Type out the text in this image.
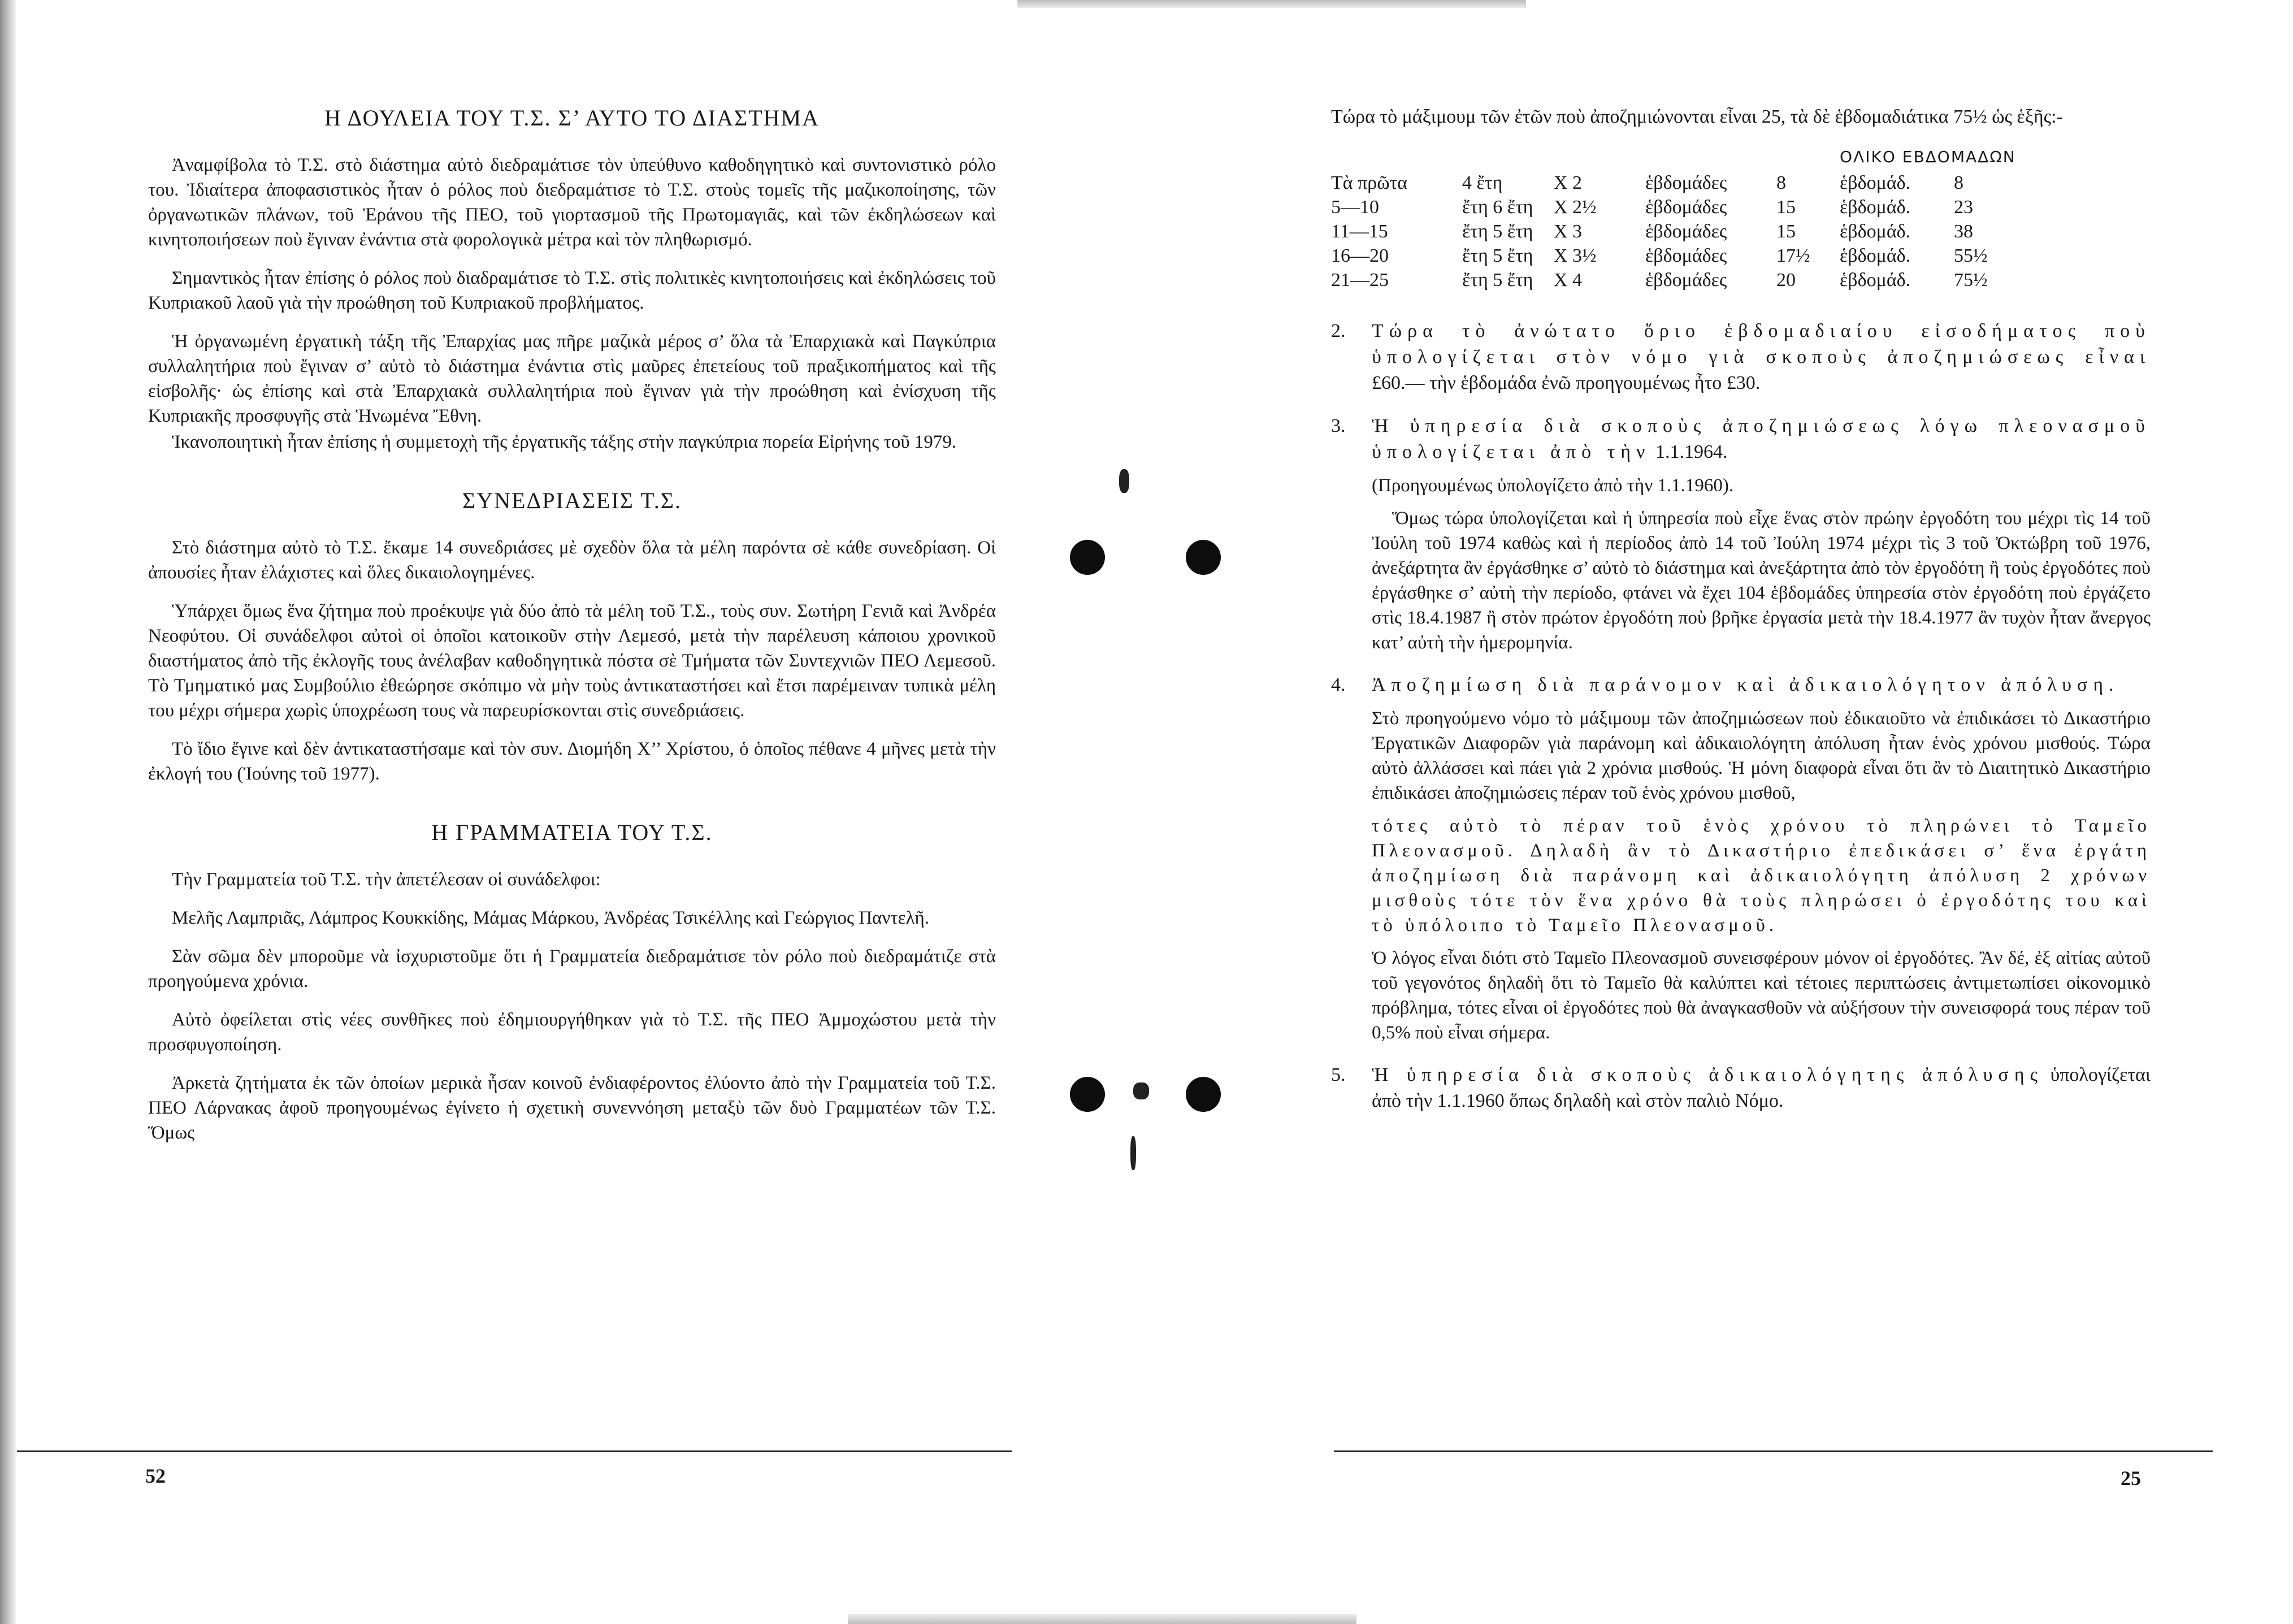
Η ΔΟΥΛΕΙΑ ΤΟΥ Τ.Σ. Σ’ ΑΥΤΟ ΤΟ ΔΙΑΣΤΗΜΑ

Ἀναμφίβολα τὸ Τ.Σ. στὸ διάστημα αὐτὸ διεδραμάτισε τὸν ὑπεύθυνο καθοδηγητικὸ καὶ συντονιστικὸ ρόλο του. Ἰδιαίτερα ἀποφασιστικὸς ἦταν ὁ ρόλος ποὺ διεδραμάτισε τὸ Τ.Σ. στοὺς τομεῖς τῆς μαζικοποίησης, τῶν ὀργανωτικῶν πλάνων, τοῦ Ἐράνου τῆς ΠΕΟ, τοῦ γιορτασμοῦ τῆς Πρωτομαγιᾶς, καὶ τῶν ἐκδηλώσεων καὶ κινητοποιήσεων ποὺ ἔγιναν ἐνάντια στὰ φορολογικὰ μέτρα καὶ τὸν πληθωρισμό.

Σημαντικὸς ἦταν ἐπίσης ὁ ρόλος ποὺ διαδραμάτισε τὸ Τ.Σ. στὶς πολιτικὲς κινητοποιήσεις καὶ ἐκδηλώσεις τοῦ Κυπριακοῦ λαοῦ γιὰ τὴν προώθηση τοῦ Κυπριακοῦ προβλήματος.

Ἡ ὀργανωμένη ἐργατικὴ τάξη τῆς Ἐπαρχίας μας πῆρε μαζικὰ μέρος σ’ ὅλα τὰ Ἐπαρχιακὰ καὶ Παγκύπρια συλλαλητήρια ποὺ ἔγιναν σ’ αὐτὸ τὸ διάστημα ἐνάντια στὶς μαῦρες ἐπετείους τοῦ πραξικοπήματος καὶ τῆς εἰσβολῆς· ὡς ἐπίσης καὶ στὰ Ἐπαρχιακὰ συλλαλητήρια ποὺ ἔγιναν γιὰ τὴν προώθηση καὶ ἐνίσχυση τῆς Κυπριακῆς προσφυγῆς στὰ Ἡνωμένα Ἔθνη.

Ἱκανοποιητικὴ ἦταν ἐπίσης ἡ συμμετοχὴ τῆς ἐργατικῆς τάξης στὴν παγκύπρια πορεία Εἰρήνης τοῦ 1979.

ΣΥΝΕΔΡΙΑΣΕΙΣ Τ.Σ.

Στὸ διάστημα αὐτὸ τὸ Τ.Σ. ἔκαμε 14 συνεδριάσες μὲ σχεδὸν ὅλα τὰ μέλη παρόντα σὲ κάθε συνεδρίαση. Οἱ ἀπουσίες ἦταν ἐλάχιστες καὶ ὅλες δικαιολογημένες.

Ὑπάρχει ὅμως ἕνα ζήτημα ποὺ προέκυψε γιὰ δύο ἀπὸ τὰ μέλη τοῦ Τ.Σ., τοὺς συν. Σωτήρη Γενιᾶ καὶ Ἀνδρέα Νεοφύτου. Οἱ συνάδελφοι αὐτοὶ οἱ ὁποῖοι κατοικοῦν στὴν Λεμεσό, μετὰ τὴν παρέλευση κάποιου χρονικοῦ διαστήματος ἀπὸ τῆς ἐκλογῆς τους ἀνέλαβαν καθοδηγητικὰ πόστα σὲ Τμήματα τῶν Συντεχνιῶν ΠΕΟ Λεμεσοῦ. Τὸ Τμηματικό μας Συμβούλιο ἐθεώρησε σκόπιμο νὰ μὴν τοὺς ἀντικαταστήσει καὶ ἔτσι παρέμειναν τυπικὰ μέλη του μέχρι σήμερα χωρὶς ὑποχρέωση τους νὰ παρευρίσκονται στὶς συνεδριάσεις.

Τὸ ἴδιο ἔγινε καὶ δὲν ἀντικαταστήσαμε καὶ τὸν συν. Διομήδη Χ’’ Χρίστου, ὁ ὁποῖος πέθανε 4 μῆνες μετὰ τὴν ἐκλογή του (Ἰούνης τοῦ 1977).

Η ΓΡΑΜΜΑΤΕΙΑ ΤΟΥ Τ.Σ.

Τὴν Γραμματεία τοῦ Τ.Σ. τὴν ἀπετέλεσαν οἱ συνάδελφοι:

Μελῆς Λαμπριᾶς, Λάμπρος Κουκκίδης, Μάμας Μάρκου, Ἀνδρέας Τσικέλλης καὶ Γεώργιος Παντελῆ.

Σὰν σῶμα δὲν μποροῦμε νὰ ἰσχυριστοῦμε ὅτι ἡ Γραμματεία διεδραμάτισε τὸν ρόλο ποὺ διεδραμάτιζε στὰ προηγούμενα χρόνια.

Αὐτὸ ὀφείλεται στὶς νέες συνθῆκες ποὺ ἐδημιουργήθηκαν γιὰ τὸ Τ.Σ. τῆς ΠΕΟ Ἀμμοχώστου μετὰ τὴν προσφυγοποίηση.

Ἀρκετὰ ζητήματα ἐκ τῶν ὁποίων μερικὰ ἦσαν κοινοῦ ἐνδιαφέροντος ἐλύοντο ἀπὸ τὴν Γραμματεία τοῦ Τ.Σ. ΠΕΟ Λάρνακας ἀφοῦ προηγουμένως ἐγίνετο ἡ σχετικὴ συνεννόηση μεταξὺ τῶν δυὸ Γραμματέων τῶν Τ.Σ. Ὅμως

52

Τώρα τὸ μάξιμουμ τῶν ἐτῶν ποὺ ἀποζημιώνονται εἶναι 25, τὰ δὲ ἑβδομαδιάτικα 75½ ὡς ἑξῆς:-

					ΟΛΙΚΟ ΕΒΔΟΜΑΔΩΝ	
Τὰ πρῶτα	4 ἔτη	Χ 2	ἑβδομάδες	8	ἑβδομάδ.	8
5—10	ἔτη 6 ἔτη	Χ 2½	ἑβδομάδες	15	ἑβδομάδ.	23
11—15	ἔτη 5 ἔτη	Χ 3	ἑβδομάδες	15	ἑβδομάδ.	38
16—20	ἔτη 5 ἔτη	Χ 3½	ἑβδομάδες	17½	ἑβδομάδ.	55½
21—25	ἔτη 5 ἔτη	Χ 4	ἑβδομάδες	20	ἑβδομάδ.	75½
2. Τώρα τὸ ἀνώτατο ὅριο ἑβδομαδιαίου εἰσοδήματος ποὺ ὑπολογίζεται στὸν νόμο γιὰ σκοποὺς ἀποζημιώσεως εἶναι £60.— τὴν ἑβδομάδα ἐνῶ προηγουμένως ἦτο £30.

3. Ἡ ὑπηρεσία διὰ σκοποὺς ἀποζημιώσεως λόγω πλεονασμοῦ ὑπολογίζεται ἀπὸ τὴν 1.1.1964.

(Προηγουμένως ὑπολογίζετο ἀπὸ τὴν 1.1.1960).

Ὅμως τώρα ὑπολογίζεται καὶ ἡ ὑπηρεσία ποὺ εἶχε ἕνας στὸν πρώην ἐργοδότη του μέχρι τὶς 14 τοῦ Ἰούλη τοῦ 1974 καθὼς καὶ ἡ περίοδος ἀπὸ 14 τοῦ Ἰούλη 1974 μέχρι τὶς 3 τοῦ Ὀκτώβρη τοῦ 1976, ἀνεξάρτητα ἂν ἐργάσθηκε σ’ αὐτὸ τὸ διάστημα καὶ ἀνεξάρτητα ἀπὸ τὸν ἐργοδότη ἢ τοὺς ἐργοδότες ποὺ ἐργάσθηκε σ’ αὐτὴ τὴν περίοδο, φτάνει νὰ ἔχει 104 ἑβδομάδες ὑπηρεσία στὸν ἐργοδότη ποὺ ἐργάζετο στὶς 18.4.1987 ἢ στὸν πρώτον ἐργοδότη ποὺ βρῆκε ἐργασία μετὰ τὴν 18.4.1977 ἂν τυχὸν ἦταν ἄνεργος κατ’ αὐτὴ τὴν ἡμερομηνία.

4. Ἀποζημίωση διὰ παράνομον καὶ ἀδικαιολόγητον ἀπόλυση.

Στὸ προηγούμενο νόμο τὸ μάξιμουμ τῶν ἀποζημιώσεων ποὺ ἐδικαιοῦτο νὰ ἐπιδικάσει τὸ Δικαστήριο Ἐργατικῶν Διαφορῶν γιὰ παράνομη καὶ ἀδικαιολόγητη ἀπόλυση ἦταν ἑνὸς χρόνου μισθούς. Τώρα αὐτὸ ἀλλάσσει καὶ πάει γιὰ 2 χρόνια μισθούς. Ἡ μόνη διαφορὰ εἶναι ὅτι ἂν τὸ Διαιτητικὸ Δικαστήριο ἐπιδικάσει ἀποζημιώσεις πέραν τοῦ ἑνὸς χρόνου μισθοῦ,

τότες αὐτὸ τὸ πέραν τοῦ ἑνὸς χρόνου τὸ πληρώνει τὸ Ταμεῖο Πλεονασμοῦ. Δηλαδὴ ἂν τὸ Δικαστήριο ἐπεδικάσει σ’ ἕνα ἐργάτη ἀποζημίωση διὰ παράνομη καὶ ἀδικαιολόγητη ἀπόλυση 2 χρόνων μισθοὺς τότε τὸν ἕνα χρόνο θὰ τοὺς πληρώσει ὁ ἐργοδότης του καὶ τὸ ὑπόλοιπο τὸ Ταμεῖο Πλεονασμοῦ.

Ὁ λόγος εἶναι διότι στὸ Ταμεῖο Πλεονασμοῦ συνεισφέρουν μόνον οἱ ἐργοδότες. Ἂν δέ, ἐξ αἰτίας αὐτοῦ τοῦ γεγονότος δηλαδὴ ὅτι τὸ Ταμεῖο θὰ καλύπτει καὶ τέτοιες περιπτώσεις ἀντιμετωπίσει οἰκονομικὸ πρόβλημα, τότες εἶναι οἱ ἐργοδότες ποὺ θὰ ἀναγκασθοῦν νὰ αὐξήσουν τὴν συνεισφορά τους πέραν τοῦ 0,5% ποὺ εἶναι σήμερα.

5. Ἡ ὑπηρεσία διὰ σκοποὺς ἀδικαιολόγητης ἀπόλυσης ὑπολογίζεται ἀπὸ τὴν 1.1.1960 ὅπως δηλαδὴ καὶ στὸν παλιὸ Νόμο.

25
